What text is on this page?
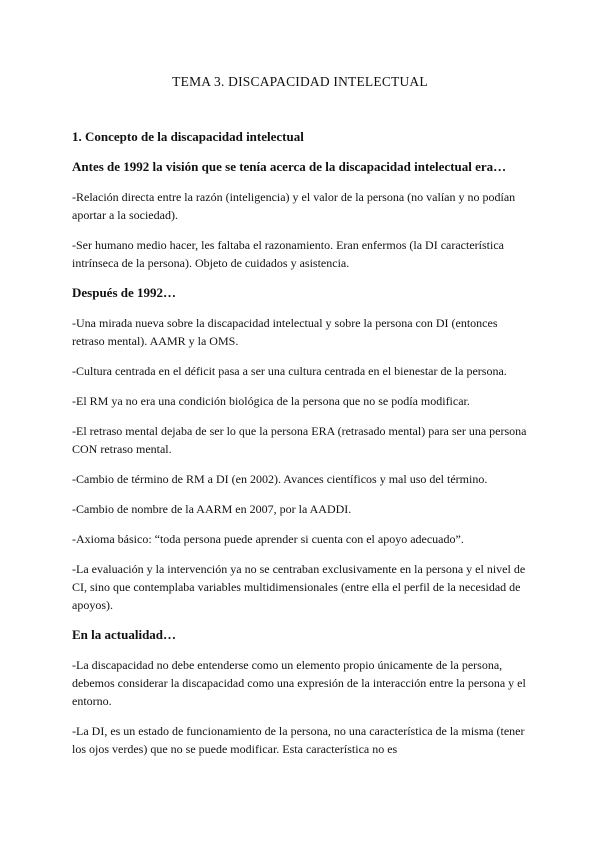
TEMA 3. DISCAPACIDAD INTELECTUAL
1. Concepto de la discapacidad intelectual
Antes de 1992 la visión que se tenía acerca de la discapacidad intelectual era…
-Relación directa entre la razón (inteligencia) y el valor de la persona (no valían y no podían aportar a la sociedad).
-Ser humano medio hacer, les faltaba el razonamiento. Eran enfermos (la DI característica intrínseca de la persona). Objeto de cuidados y asistencia.
Después de 1992…
-Una mirada nueva sobre la discapacidad intelectual y sobre la persona con DI (entonces retraso mental). AAMR y la OMS.
-Cultura centrada en el déficit pasa a ser una cultura centrada en el bienestar de la persona.
-El RM ya no era una condición biológica de la persona que no se podía modificar.
-El retraso mental dejaba de ser lo que la persona ERA (retrasado mental) para ser una persona CON retraso mental.
-Cambio de término de RM a DI (en 2002). Avances científicos y mal uso del término.
-Cambio de nombre de la AARM en 2007, por la AADDI.
-Axioma básico: “toda persona puede aprender si cuenta con el apoyo adecuado”.
-La evaluación y la intervención ya no se centraban exclusivamente en la persona y el nivel de CI, sino que contemplaba variables multidimensionales (entre ella el perfil de la necesidad de apoyos).
En la actualidad…
-La discapacidad no debe entenderse como un elemento propio únicamente de la persona, debemos considerar la discapacidad como una expresión de la interacción entre la persona y el entorno.
-La DI, es un estado de funcionamiento de la persona, no una característica de la misma (tener los ojos verdes) que no se puede modificar. Esta característica no es
